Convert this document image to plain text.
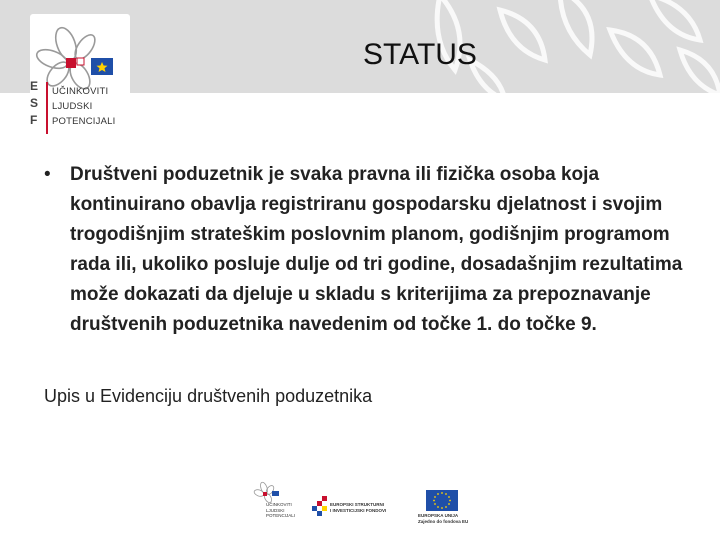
E
S
F
UČINKOVITI
LJUDSKI
POTENCIJALI
STATUS
• Društveni poduzetnik je svaka pravna ili fizička osoba koja kontinuirano obavlja registriranu gospodarsku djelatnost i svojim trogodišnjim strateškim poslovnim planom, godišnjim programom rada ili, ukoliko posluje dulje od tri godine, dosadašnjim rezultatima može dokazati da djeluje u skladu s kriterijima za prepoznavanje društvenih poduzetnika navedenim od točke 1. do točke 9.
Upis u Evidenciju društvenih poduzetnika
UČINKOVITI
LJUDSKI
POTENCIJALI
EUROPSKI STRUKTURNI
I INVESTICIJSKI FONDOVI
EUROPSKA UNIJA
Zajedno do fondova EU
